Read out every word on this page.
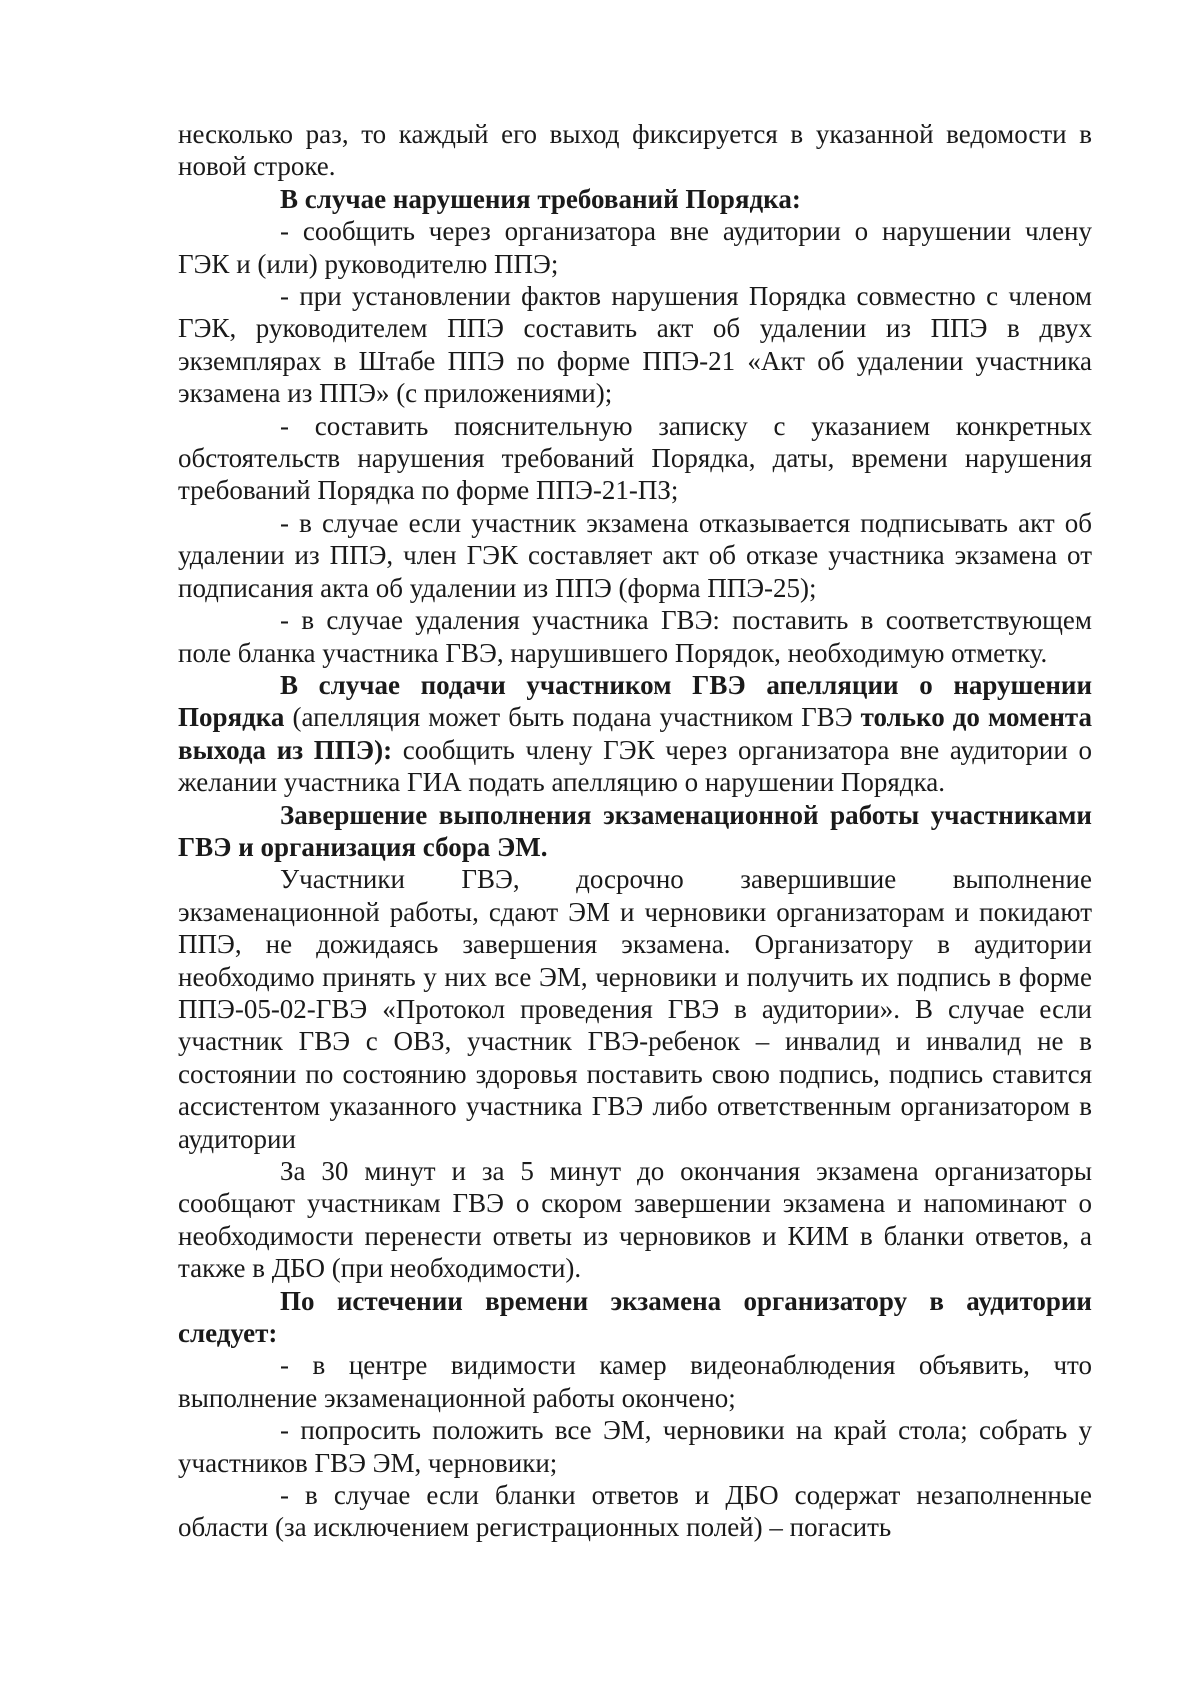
несколько раз, то каждый его выход фиксируется в указанной ведомости в новой строке.

В случае нарушения требований Порядка:

- сообщить через организатора вне аудитории о нарушении члену ГЭК и (или) руководителю ППЭ;

- при установлении фактов нарушения Порядка совместно с членом ГЭК, руководителем ППЭ составить акт об удалении из ППЭ в двух экземплярах в Штабе ППЭ по форме ППЭ-21 «Акт об удалении участника экзамена из ППЭ» (с приложениями);

- составить пояснительную записку с указанием конкретных обстоятельств нарушения требований Порядка, даты, времени нарушения требований Порядка по форме ППЭ-21-ПЗ;

- в случае если участник экзамена отказывается подписывать акт об удалении из ППЭ, член ГЭК составляет акт об отказе участника экзамена от подписания акта об удалении из ППЭ (форма ППЭ-25);

- в случае удаления участника ГВЭ: поставить в соответствующем поле бланка участника ГВЭ, нарушившего Порядок, необходимую отметку.

В случае подачи участником ГВЭ апелляции о нарушении Порядка (апелляция может быть подана участником ГВЭ только до момента выхода из ППЭ): сообщить члену ГЭК через организатора вне аудитории о желании участника ГИА подать апелляцию о нарушении Порядка.

Завершение выполнения экзаменационной работы участниками ГВЭ и организация сбора ЭМ.

Участники ГВЭ, досрочно завершившие выполнение экзаменационной работы, сдают ЭМ и черновики организаторам и покидают ППЭ, не дожидаясь завершения экзамена. Организатору в аудитории необходимо принять у них все ЭМ, черновики и получить их подпись в форме ППЭ-05-02-ГВЭ «Протокол проведения ГВЭ в аудитории». В случае если участник ГВЭ с ОВЗ, участник ГВЭ-ребенок – инвалид и инвалид не в состоянии по состоянию здоровья поставить свою подпись, подпись ставится ассистентом указанного участника ГВЭ либо ответственным организатором в аудитории

За 30 минут и за 5 минут до окончания экзамена организаторы сообщают участникам ГВЭ о скором завершении экзамена и напоминают о необходимости перенести ответы из черновиков и КИМ в бланки ответов, а также в ДБО (при необходимости).

По истечении времени экзамена организатору в аудитории следует:

- в центре видимости камер видеонаблюдения объявить, что выполнение экзаменационной работы окончено;

- попросить положить все ЭМ, черновики на край стола; собрать у участников ГВЭ ЭМ, черновики;

- в случае если бланки ответов и ДБО содержат незаполненные области (за исключением регистрационных полей) – погасить
